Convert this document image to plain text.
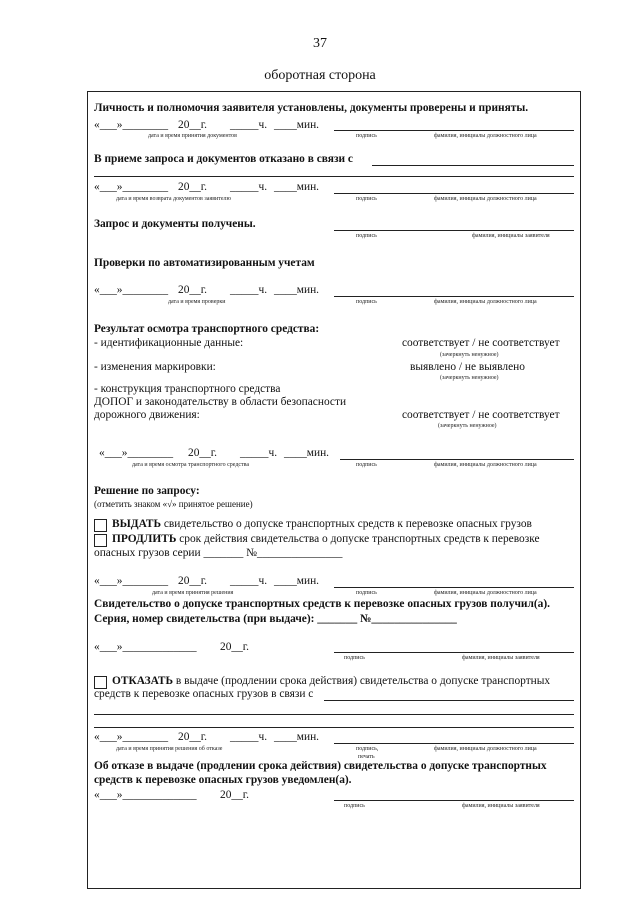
37
оборотная сторона
Личность и полномочия заявителя установлены, документы проверены и приняты.
«___»________ 20__г. _____ч. ____мин.
дата и время принятия документов	подпись	фамилия, инициалы должностного лица
В приеме запроса и документов отказано в связи с
«___»________ 20__г. _____ч. ____мин.
дата и время возврата документов заявителю	подпись	фамилия, инициалы должностного лица
Запрос и документы получены.
подпись	фамилия, инициалы заявителя
Проверки по автоматизированным учетам
«___»________ 20__г. _____ч. ____мин.
дата и время проверки	подпись	фамилия, инициалы должностного лица
Результат осмотра транспортного средства:
- идентификационные данные:	соответствует / не соответствует
(зачеркнуть ненужное)
- изменения маркировки:	выявлено / не выявлено
(зачеркнуть ненужное)
- конструкция транспортного средства
ДОПОГ и законодательству в области безопасности
дорожного движения:	соответствует / не соответствует
(зачеркнуть ненужное)
«___»________ 20__г. _____ч. ____мин.
дата и время осмотра транспортного средства	подпись	фамилия, инициалы должностного лица
Решение по запросу:
(отметить знаком «√» принятое решение)
ВЫДАТЬ свидетельство о допуске транспортных средств к перевозке опасных грузов
ПРОДЛИТЬ срок действия свидетельства о допуске транспортных средств к перевозке
опасных грузов серии _______ №_______________
«___»________ 20__г. _____ч. ____мин.
дата и время принятия решения	подпись	фамилия, инициалы должностного лица
Свидетельство о допуске транспортных средств к перевозке опасных грузов получил(а).
Серия, номер свидетельства (при выдаче): _______ №_______________
«___»_____________ 20__г.
подпись	фамилия, инициалы заявителя
ОТКАЗАТЬ в выдаче (продлении срока действия) свидетельства о допуске транспортных
средств к перевозке опасных грузов в связи с
«___»________ 20__г. _____ч. ____мин.
дата и время принятия решения об отказе	подпись,
печать
фамилия, инициалы должностного лица
Об отказе в выдаче (продлении срока действия) свидетельства о допуске транспортных
средств к перевозке опасных грузов уведомлен(а).
«___»_____________ 20__г.
подпись	фамилия, инициалы заявителя
